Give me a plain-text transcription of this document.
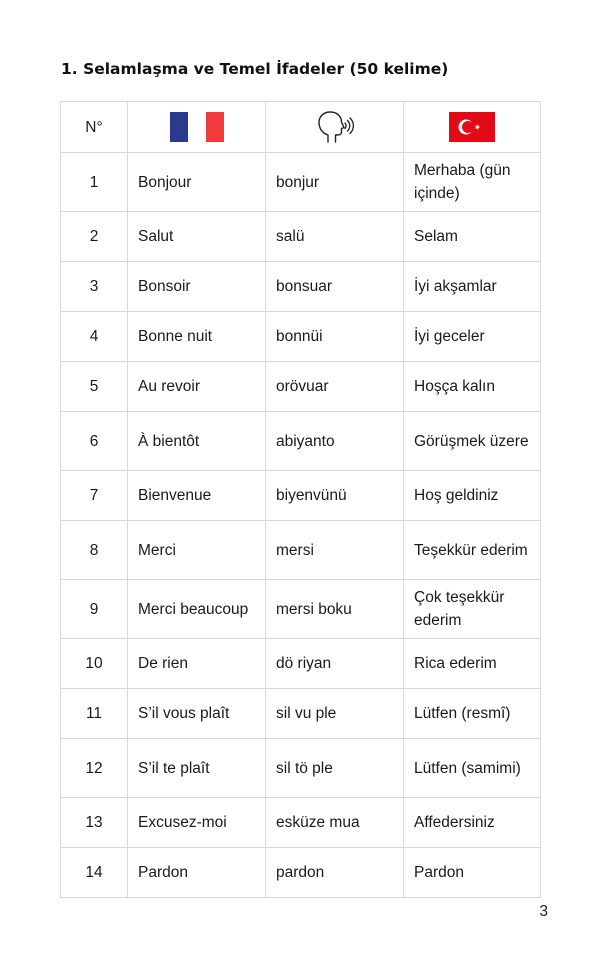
1. Selamlaşma ve Temel İfadeler (50 kelime)
N°	

1	Bonjour	bonjur	Merhaba (gün içinde)
2	Salut	salü	Selam
3	Bonsoir	bonsuar	İyi akşamlar
4	Bonne nuit	bonnüi	İyi geceler
5	Au revoir	orövuar	Hoşça kalın
6	À bientôt	abiyanto	Görüşmek üzere
7	Bienvenue	biyenvünü	Hoş geldiniz
8	Merci	mersi	Teşekkür ederim
9	Merci beaucoup	mersi boku	Çok teşekkür ederim
10	De rien	dö riyan	Rica ederim
11	S’il vous plaît	sil vu ple	Lütfen (resmî)
12	S’il te plaît	sil tö ple	Lütfen (samimi)
13	Excusez-moi	esküze mua	Affedersiniz
14	Pardon	pardon	Pardon
3
